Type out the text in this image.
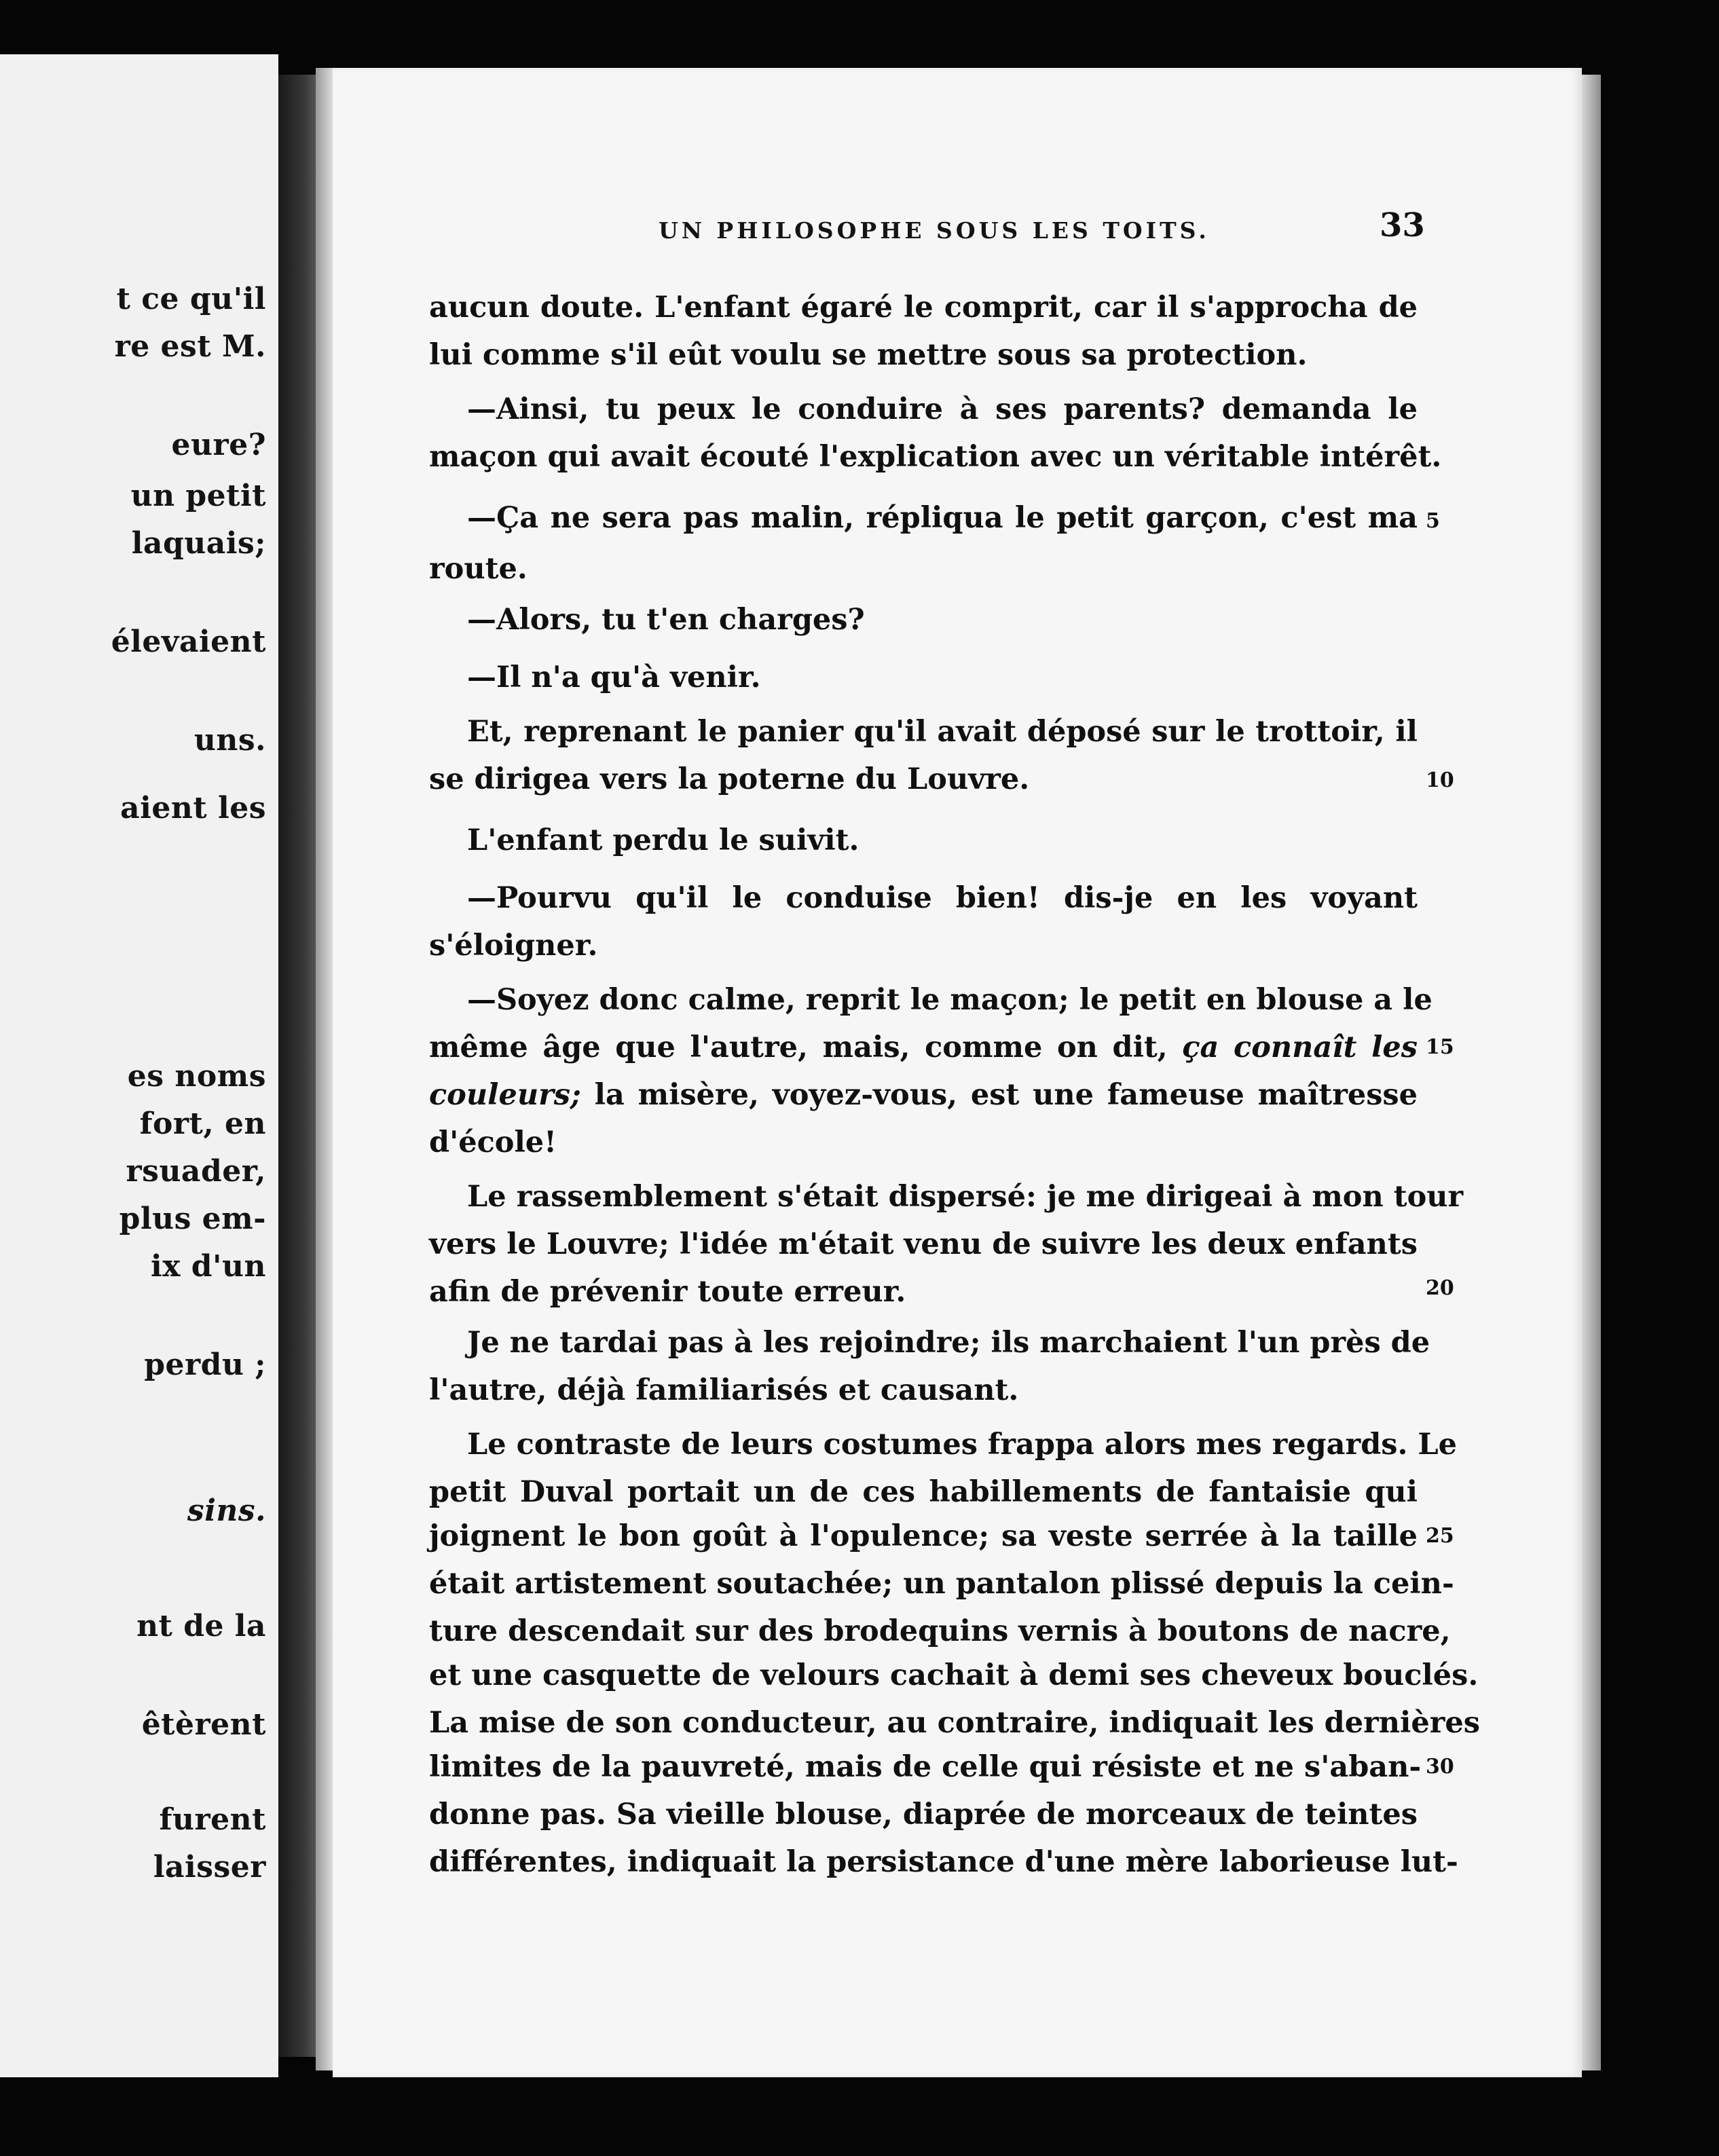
t ce qu'il
re est M.
eure?
un petit
laquais;
élevaient
uns.
aient les
es noms
fort, en
rsuader,
plus em-
ix d'un
perdu ;
sins.
nt de la
êtèrent
furent
laisser
UN PHILOSOPHE SOUS LES TOITS.	33
aucun doute. L'enfant égaré le comprit, car il s'approcha de
lui comme s'il eût voulu se mettre sous sa protection.
—Ainsi, tu peux le conduire à ses parents? demanda le
maçon qui avait écouté l'explication avec un véritable intérêt.
—Ça ne sera pas malin, répliqua le petit garçon, c'est ma
route.
—Alors, tu t'en charges?
—Il n'a qu'à venir.
Et, reprenant le panier qu'il avait déposé sur le trottoir, il
se dirigea vers la poterne du Louvre.
L'enfant perdu le suivit.
—Pourvu qu'il le conduise bien! dis-je en les voyant
s'éloigner.
—Soyez donc calme, reprit le maçon; le petit en blouse a le
même âge que l'autre, mais, comme on dit, ça connaît les
couleurs; la misère, voyez-vous, est une fameuse maîtresse
d'école!
Le rassemblement s'était dispersé: je me dirigeai à mon tour
vers le Louvre; l'idée m'était venu de suivre les deux enfants
afin de prévenir toute erreur.
Je ne tardai pas à les rejoindre; ils marchaient l'un près de
l'autre, déjà familiarisés et causant.
Le contraste de leurs costumes frappa alors mes regards. Le
petit Duval portait un de ces habillements de fantaisie qui
joignent le bon goût à l'opulence; sa veste serrée à la taille
était artistement soutachée; un pantalon plissé depuis la cein-
ture descendait sur des brodequins vernis à boutons de nacre,
et une casquette de velours cachait à demi ses cheveux bouclés.
La mise de son conducteur, au contraire, indiquait les dernières
limites de la pauvreté, mais de celle qui résiste et ne s'aban-
donne pas. Sa vieille blouse, diaprée de morceaux de teintes
différentes, indiquait la persistance d'une mère laborieuse lut-
5
10
15
20
25
30
